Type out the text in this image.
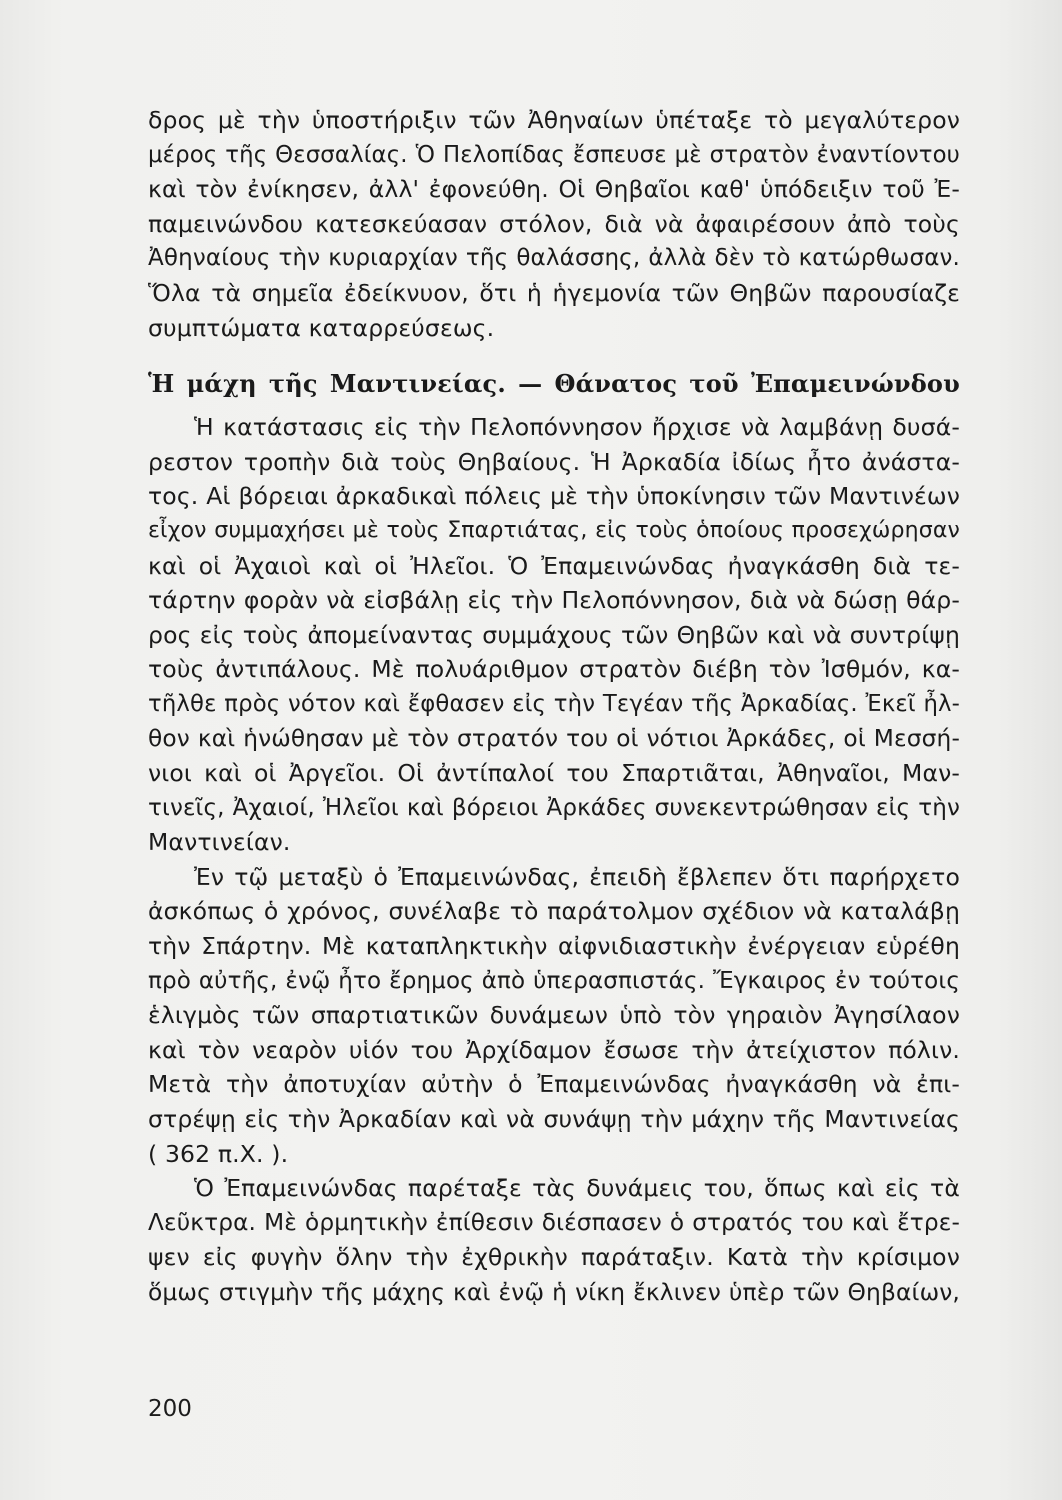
δρος μὲ τὴν ὑποστήριξιν τῶν Ἀθηναίων ὑπέταξε τὸ μεγαλύτερον
μέρος τῆς Θεσσαλίας. Ὁ Πελοπίδας ἔσπευσε μὲ στρατὸν ἐναντίοντου
καὶ τὸν ἐνίκησεν, ἀλλ' ἐφονεύθη. Οἱ Θηβαῖοι καθ' ὑπόδειξιν τοῦ Ἐ-
παμεινώνδου κατεσκεύασαν στόλον, διὰ νὰ ἀφαιρέσουν ἀπὸ τοὺς
Ἀθηναίους τὴν κυριαρχίαν τῆς θαλάσσης, ἀλλὰ δὲν τὸ κατώρθωσαν.
Ὅλα τὰ σημεῖα ἐδείκνυον, ὅτι ἡ ἡγεμονία τῶν Θηβῶν παρουσίαζε
συμπτώματα καταρρεύσεως.
Ἡ μάχη τῆς Μαντινείας. — Θάνατος τοῦ Ἐπαμεινώνδου
Ἡ κατάστασις εἰς τὴν Πελοπόννησον ἤρχισε νὰ λαμβάνῃ δυσά-
ρεστον τροπὴν διὰ τοὺς Θηβαίους. Ἡ Ἀρκαδία ἰδίως ἦτο ἀνάστα-
τος. Αἱ βόρειαι ἀρκαδικαὶ πόλεις μὲ τὴν ὑποκίνησιν τῶν Μαντινέων
εἶχον συμμαχήσει μὲ τοὺς Σπαρτιάτας, εἰς τοὺς ὁποίους προσεχώρησαν
καὶ οἱ Ἀχαιοὶ καὶ οἱ Ἠλεῖοι. Ὁ Ἐπαμεινώνδας ἠναγκάσθη διὰ τε-
τάρτην φορὰν νὰ εἰσβάλῃ εἰς τὴν Πελοπόννησον, διὰ νὰ δώσῃ θάρ-
ρος εἰς τοὺς ἀπομείναντας συμμάχους τῶν Θηβῶν καὶ νὰ συντρίψῃ
τοὺς ἀντιπάλους. Μὲ πολυάριθμον στρατὸν διέβη τὸν Ἰσθμόν, κα-
τῆλθε πρὸς νότον καὶ ἔφθασεν εἰς τὴν Τεγέαν τῆς Ἀρκαδίας. Ἐκεῖ ἦλ-
θον καὶ ἡνώθησαν μὲ τὸν στρατόν του οἱ νότιοι Ἀρκάδες, οἱ Μεσσή-
νιοι καὶ οἱ Ἀργεῖοι. Οἱ ἀντίπαλοί του Σπαρτιᾶται, Ἀθηναῖοι, Μαν-
τινεῖς, Ἀχαιοί, Ἠλεῖοι καὶ βόρειοι Ἀρκάδες συνεκεντρώθησαν εἰς τὴν
Μαντινείαν.
Ἐν τῷ μεταξὺ ὁ Ἐπαμεινώνδας, ἐπειδὴ ἔβλεπεν ὅτι παρήρχετο
ἀσκόπως ὁ χρόνος, συνέλαβε τὸ παράτολμον σχέδιον νὰ καταλάβῃ
τὴν Σπάρτην. Μὲ καταπληκτικὴν αἰφνιδιαστικὴν ἐνέργειαν εὑρέθη
πρὸ αὐτῆς, ἐνῷ ἦτο ἔρημος ἀπὸ ὑπερασπιστάς. Ἔγκαιρος ἐν τούτοις
ἑλιγμὸς τῶν σπαρτιατικῶν δυνάμεων ὑπὸ τὸν γηραιὸν Ἀγησίλαον
καὶ τὸν νεαρὸν υἱόν του Ἀρχίδαμον ἔσωσε τὴν ἀτείχιστον πόλιν.
Μετὰ τὴν ἀποτυχίαν αὐτὴν ὁ Ἐπαμεινώνδας ἠναγκάσθη νὰ ἐπι-
στρέψῃ εἰς τὴν Ἀρκαδίαν καὶ νὰ συνάψῃ τὴν μάχην τῆς Μαντινείας
( 362 π.Χ. ).
Ὁ Ἐπαμεινώνδας παρέταξε τὰς δυνάμεις του, ὅπως καὶ εἰς τὰ
Λεῦκτρα. Μὲ ὁρμητικὴν ἐπίθεσιν διέσπασεν ὁ στρατός του καὶ ἔτρε-
ψεν εἰς φυγὴν ὅλην τὴν ἐχθρικὴν παράταξιν. Κατὰ τὴν κρίσιμον
ὅμως στιγμὴν τῆς μάχης καὶ ἐνῷ ἡ νίκη ἔκλινεν ὑπὲρ τῶν Θηβαίων,
200
